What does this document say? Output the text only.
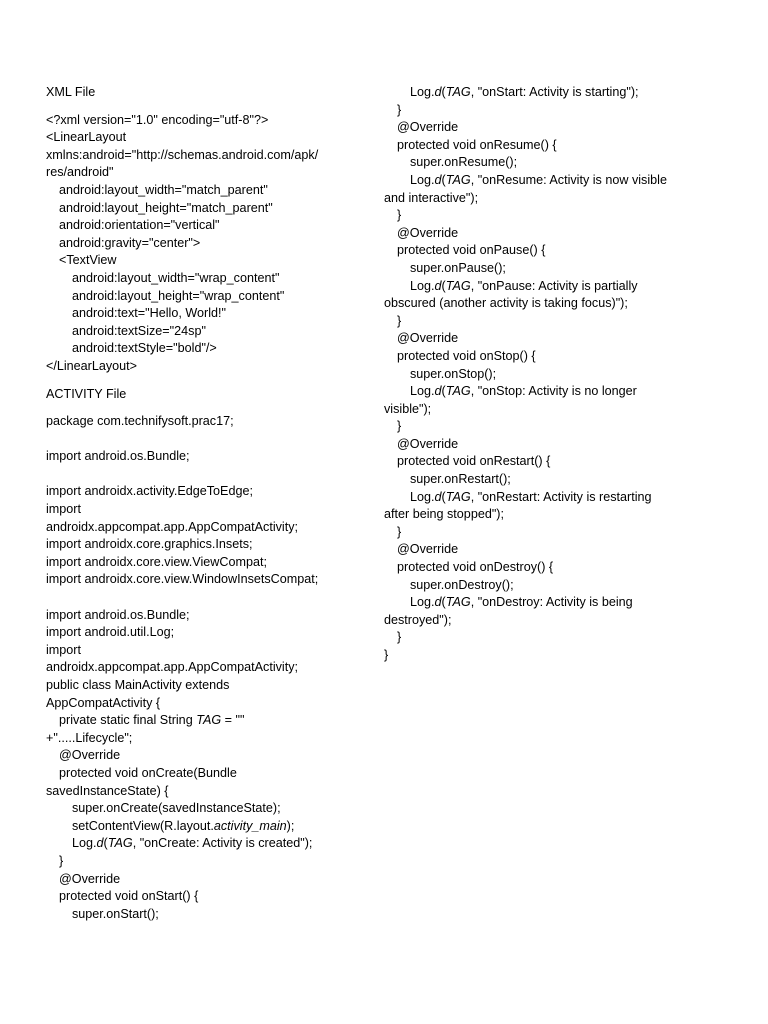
XML File
<?xml version="1.0" encoding="utf-8"?>
<LinearLayout
xmlns:android="http://schemas.android.com/apk/
res/android"
android:layout_width="match_parent"
android:layout_height="match_parent"
android:orientation="vertical"
android:gravity="center">
<TextView
android:layout_width="wrap_content"
android:layout_height="wrap_content"
android:text="Hello, World!"
android:textSize="24sp"
android:textStyle="bold"/>
</LinearLayout>
ACTIVITY File
package com.technifysoft.prac17;
import android.os.Bundle;
import androidx.activity.EdgeToEdge;
import
androidx.appcompat.app.AppCompatActivity;
import androidx.core.graphics.Insets;
import androidx.core.view.ViewCompat;
import androidx.core.view.WindowInsetsCompat;
import android.os.Bundle;
import android.util.Log;
import
androidx.appcompat.app.AppCompatActivity;
public class MainActivity extends
AppCompatActivity {
private static final String TAG = ""
+".....Lifecycle";
@Override
protected void onCreate(Bundle
savedInstanceState) {
super.onCreate(savedInstanceState);
setContentView(R.layout.activity_main);
Log.d(TAG, "onCreate: Activity is created");
}
@Override
protected void onStart() {
super.onStart();
Log.d(TAG, "onStart: Activity is starting");
}
@Override
protected void onResume() {
super.onResume();
Log.d(TAG, "onResume: Activity is now visible
and interactive");
}
@Override
protected void onPause() {
super.onPause();
Log.d(TAG, "onPause: Activity is partially
obscured (another activity is taking focus)");
}
@Override
protected void onStop() {
super.onStop();
Log.d(TAG, "onStop: Activity is no longer
visible");
}
@Override
protected void onRestart() {
super.onRestart();
Log.d(TAG, "onRestart: Activity is restarting
after being stopped");
}
@Override
protected void onDestroy() {
super.onDestroy();
Log.d(TAG, "onDestroy: Activity is being
destroyed");
}
}
